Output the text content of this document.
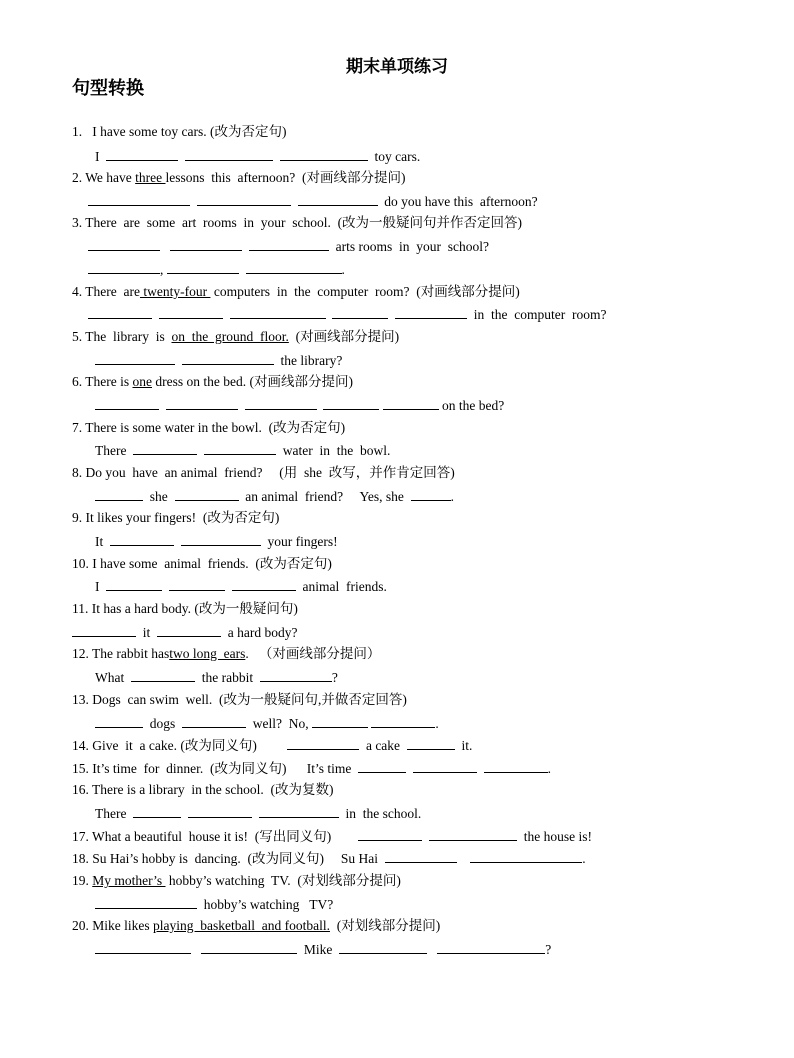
期末单项练习
句型转换
1. I have some toy cars. (改为否定句)
I	toy cars.
2. We have three lessons  this  afternoon?  (对画线部分提问)
do you have this  afternoon?
3. There  are  some  art  rooms  in  your  school.  (改为一般疑问句并作否定回答)
arts rooms  in  your  school?
,	.
4. There  are twenty-four  computers  in  the  computer  room?  (对画线部分提问)
in  the  computer  room?
5. The  library  is  on  the  ground  floor.  (对画线部分提问)
the library?
6. There is one dress on the bed. (对画线部分提问)
on the bed?
7. There is some water in the bowl.  (改为否定句)
There	water  in  the  bowl.
8. Do you  have  an animal  friend?     (用  she  改写，并作肯定回答)
she	an animal  friend? Yes, she	.
9. It likes your fingers!  (改为否定句)
It	your fingers!
10. I have some  animal  friends.  (改为否定句)
I	animal  friends.
11. It has a hard body. (改为一般疑问句)
it	a hard body?
12. The rabbit hastwo long  ears.   （对画线部分提问）
What	the rabbit	?
13. Dogs  can swim  well.  (改为一般疑问句,并做否定回答)
dogs	well?  No,	.
14. Give  it  a cake. (改为同义句)	a cake	it.
15. It’s time  for  dinner.  (改为同义句) It’s time	.
16. There is a library  in the school.  (改为复数)
There	in  the school.
17. What a beautiful  house it is!  (写出同义句)	the house is!
18. Su Hai’s hobby is  dancing.  (改为同义句) Su Hai	.
19. My mother’s  hobby’s watching  TV.  (对划线部分提问)
hobby’s watching   TV?
20. Mike likes playing  basketball  and football.  (对划线部分提问)
Mike	?
